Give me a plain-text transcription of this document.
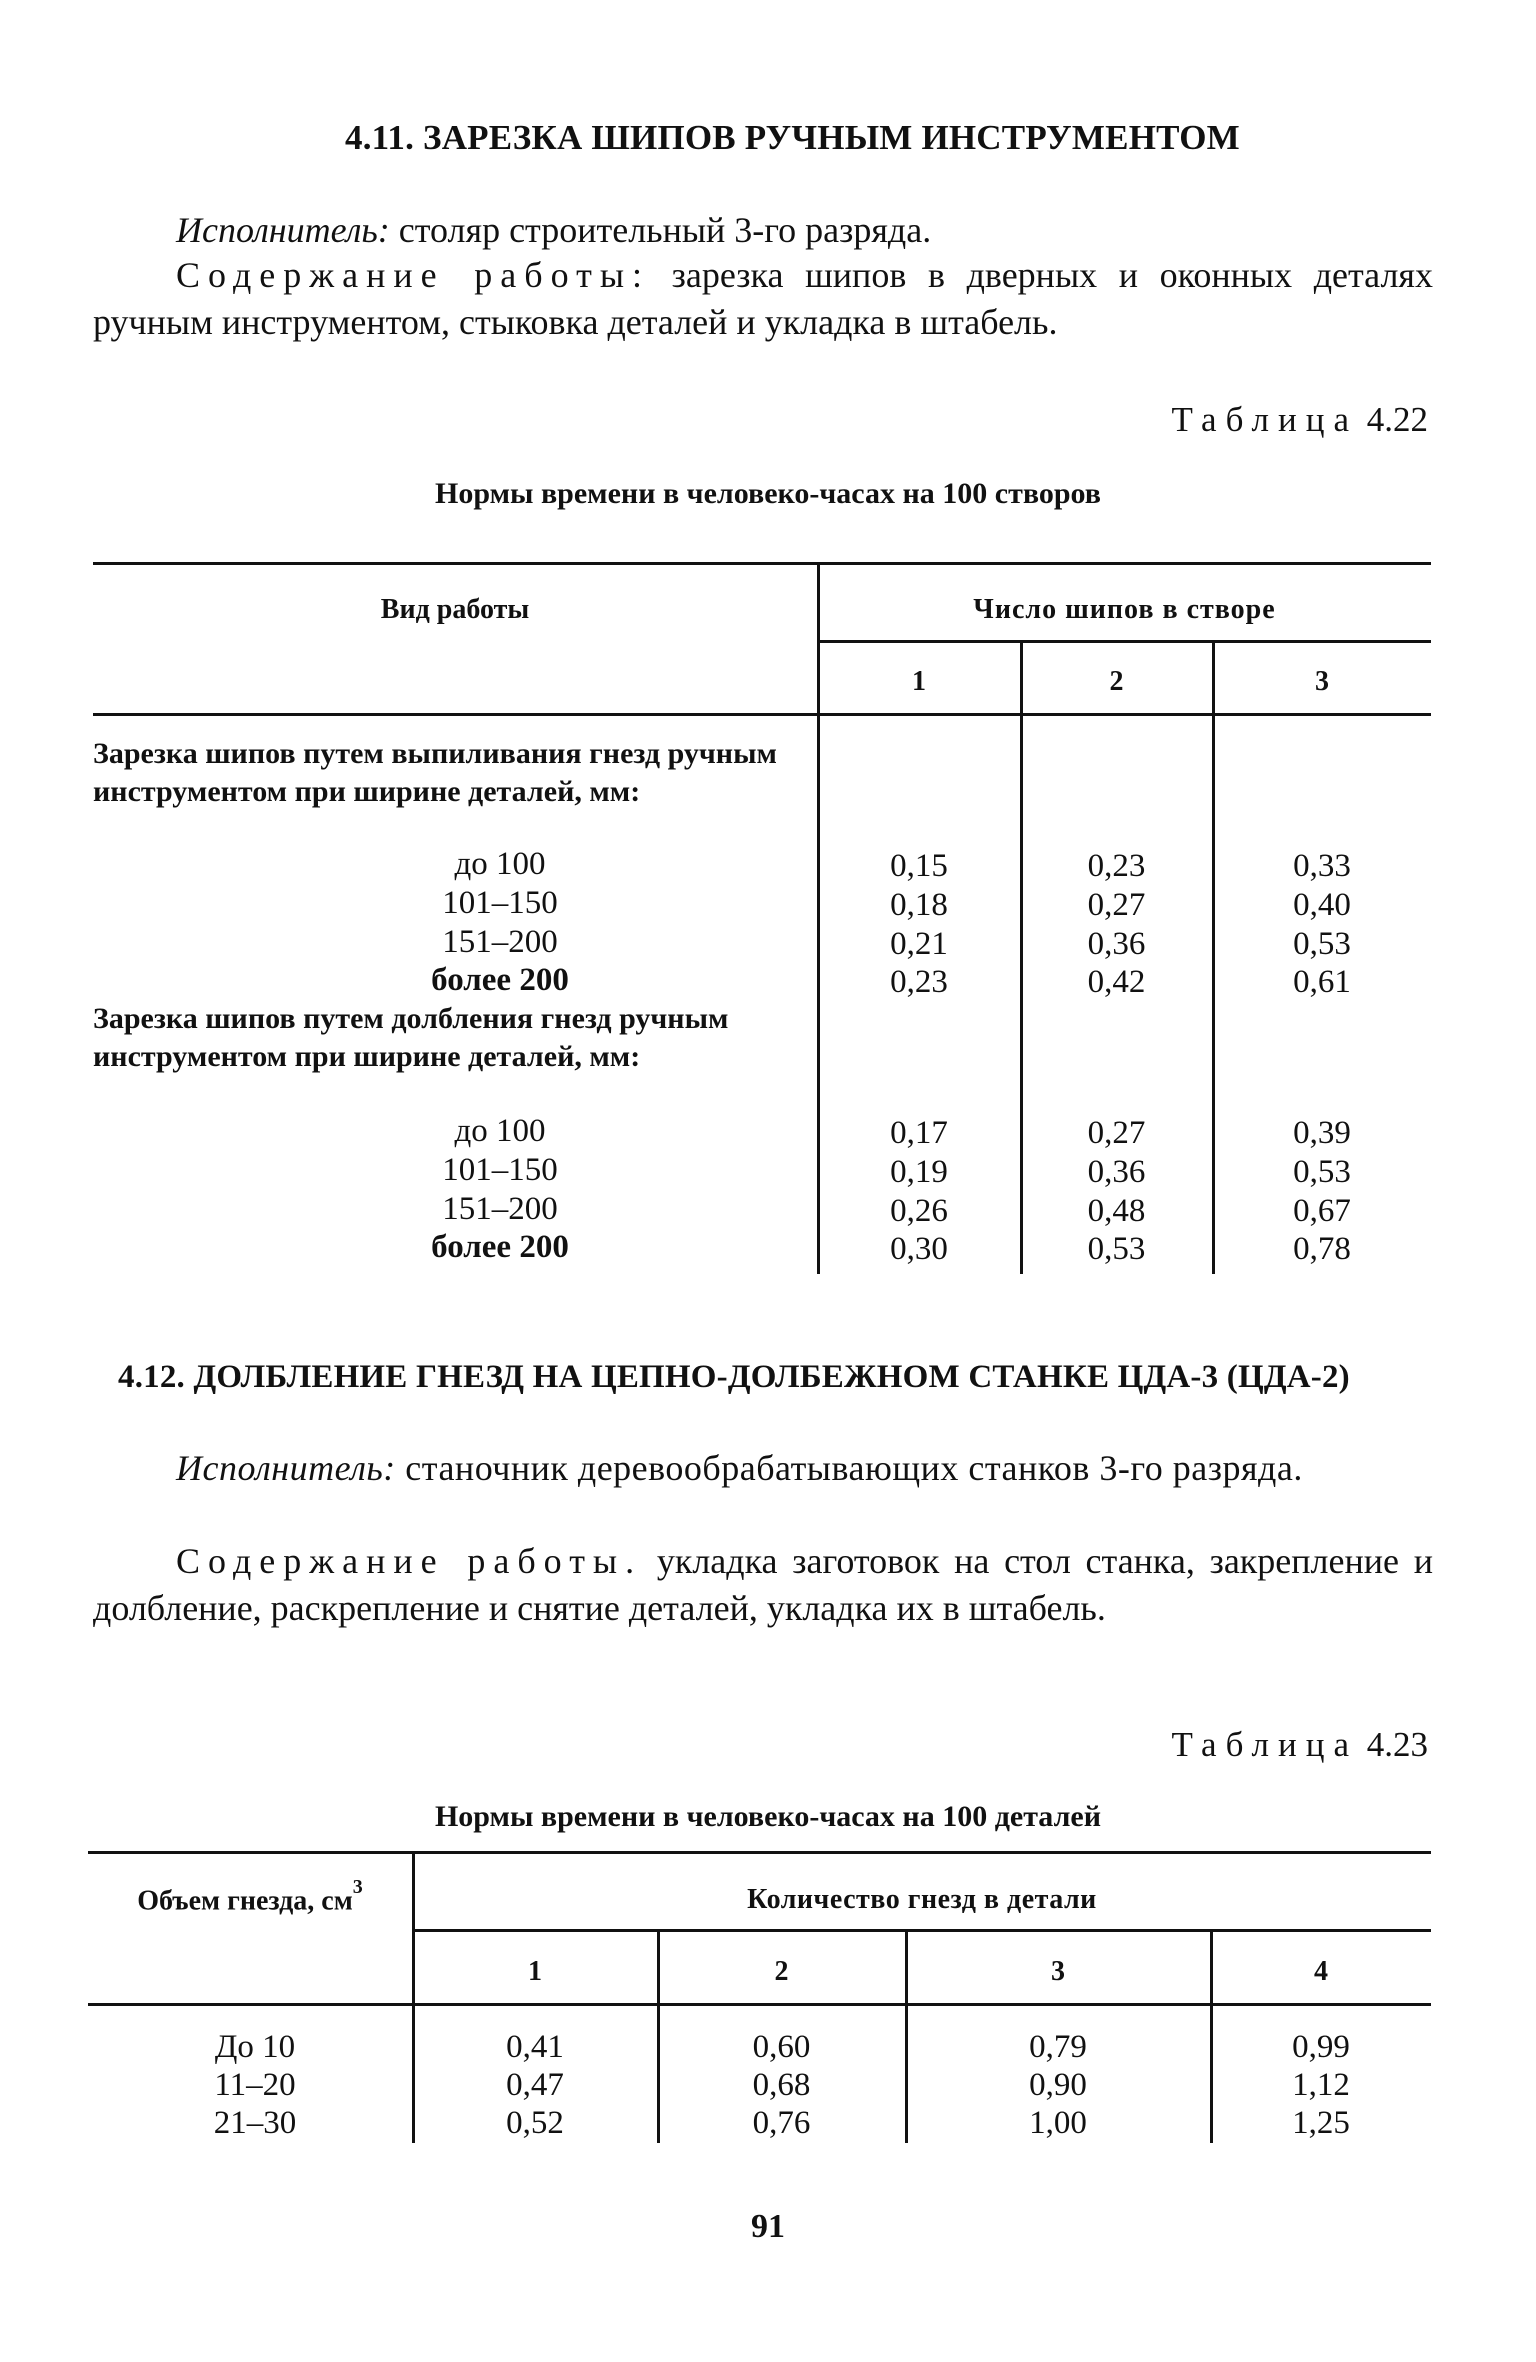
4.11. ЗАРЕЗКА ШИПОВ РУЧНЫМ ИНСТРУМЕНТОМ
Исполнитель: столяр строительный 3-го разряда.
Содержание работы: зарезка шипов в дверных и оконных деталях ручным инструментом, стыковка деталей и укладка в штабель.
Таблица 4.22
Нормы времени в человеко-часах на 100 створов
Вид работы	Число шипов в створе
1	2	3
Зарезка шипов путем выпиливания гнезд ручным инструментом при ширине деталей, мм:
до 100	0,15	0,23	0,33
101–150	0,18	0,27	0,40
151–200	0,21	0,36	0,53
более 200	0,23	0,42	0,61
Зарезка шипов путем долбления гнезд ручным инструментом при ширине деталей, мм:
до 100	0,17	0,27	0,39
101–150	0,19	0,36	0,53
151–200	0,26	0,48	0,67
более 200	0,30	0,53	0,78
4.12. ДОЛБЛЕНИЕ ГНЕЗД НА ЦЕПНО-ДОЛБЕЖНОМ СТАНКЕ ЦДА-3 (ЦДА-2)
Исполнитель: станочник деревообрабатывающих станков 3-го разряда.
Содержание работы. укладка заготовок на стол станка, закрепление и долбление, раскрепление и снятие деталей, укладка их в штабель.
Таблица 4.23
Нормы времени в человеко-часах на 100 деталей
Объем гнезда, $см^3$	Количество гнезд в детали
1	2	3	4
До 10	0,41	0,60	0,79	0,99
11–20	0,47	0,68	0,90	1,12
21–30	0,52	0,76	1,00	1,25
91
